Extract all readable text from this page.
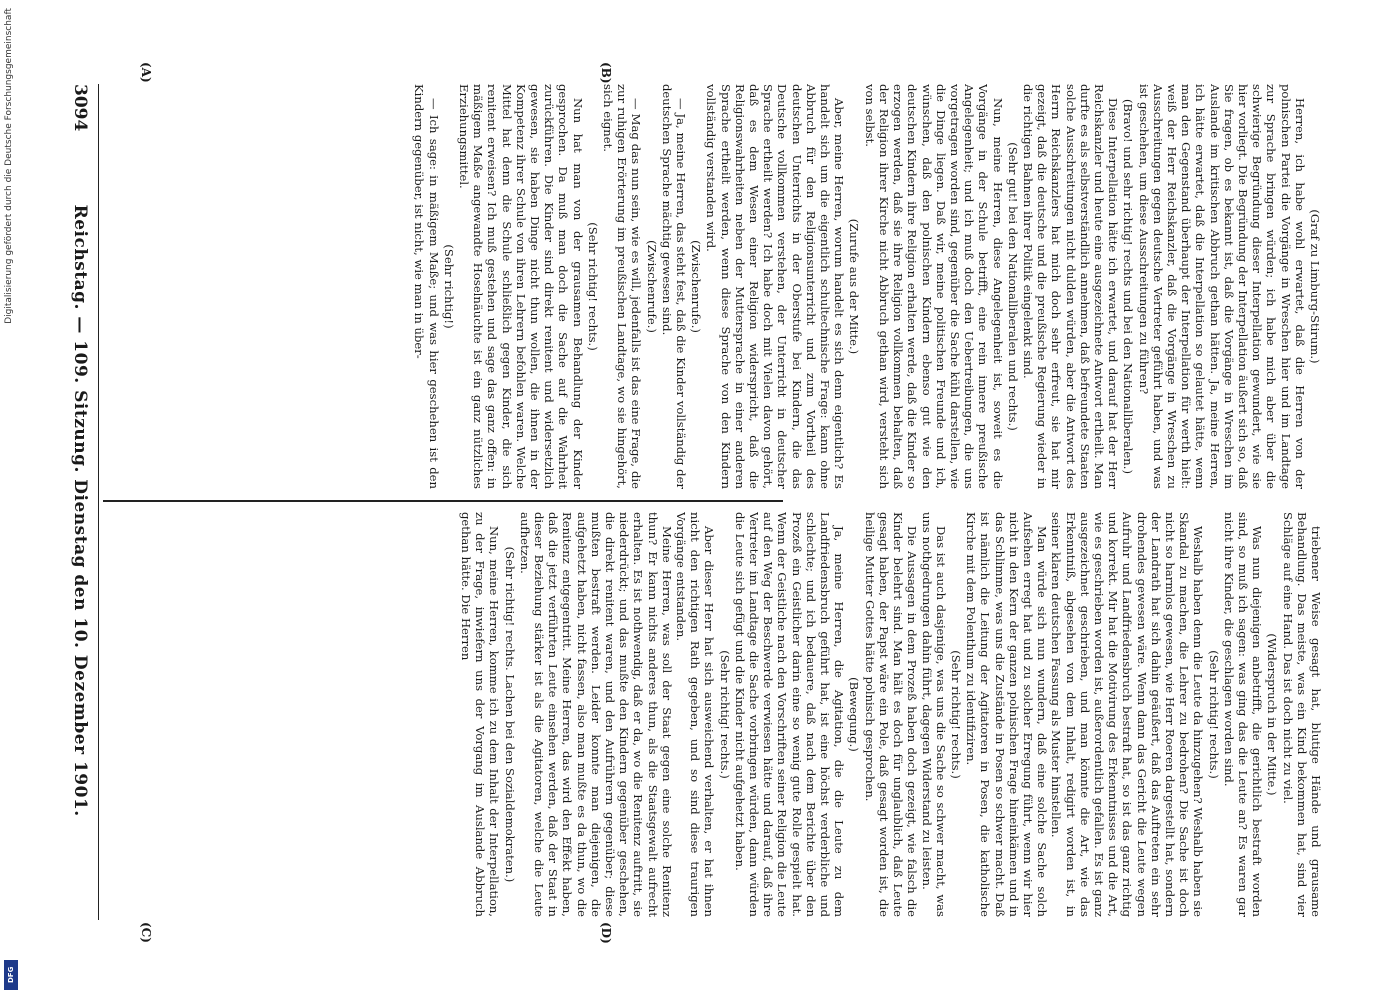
3094
Reichstag. — 109. Sitzung. Dienstag den 10. Dezember 1901.	(Graf zu Limburg-Stirum.)

Herren, ich habe wohl erwartet, daß die Herren von der polnischen Partei die Vorgänge in Wreschen hier und im Landtage zur Sprache bringen würden; ich habe mich aber über die schwierige Begründung dieser Interpellation gewundert, wie sie hier vorliegt. Die Begründung der Interpellation äußert sich so, daß Sie fragen, ob es bekannt ist, daß die Vorgänge in Wreschen im Auslande im kritischen Abbruch gethan hätten. Ja, meine Herren, ich hätte erwartet, daß die Interpellation so gelautet hätte, wenn man den Gegenstand überhaupt der Interpellation für werth hielt: weiß der Herr Reichskanzler, daß die Vorgänge in Wreschen zu Ausschreitungen gegen deutsche Vertreter geführt haben, und was ist geschehen, um diese Ausschreitungen zu führen?

(Bravo! und sehr richtig! rechts und bei den Nationalliberalen.)

Diese Interpellation hätte ich erwartet, und darauf hat der Herr Reichskanzler und heute eine ausgezeichnete Antwort ertheilt. Man durfte es als selbstverständlich annehmen, daß befreundete Staaten solche Ausschreitungen nicht dulden würden, aber die Antwort des Herrn Reichskanzlers hat mich doch sehr erfreut, sie hat mir gezeigt, daß die deutsche und die preußische Regierung wieder in die richtigen Bahnen ihrer Politik eingelenkt sind.

(Sehr gut! bei den Nationalliberalen und rechts.)

Nun, meine Herren, diese Angelegenheit ist, soweit es die Vorgänge in der Schule betrifft, eine rein innere preußische Angelegenheit; und ich muß doch den Uebertreibungen, die uns vorgetragen worden sind, gegenüber die Sache kühl darstellen, wie die Dinge liegen. Daß wir, meine politischen Freunde und ich, wünschen, daß den polnischen Kindern ebenso gut wie den deutschen Kindern ihre Religion erhalten werde, daß die Kinder so erzogen werden, daß sie ihre Religion vollkommen behalten, daß der Religion ihrer Kirche nicht Abbruch gethan wird, versteht sich von selbst.

(Zurufe aus der Mitte.)

Aber, meine Herren, worum handelt es sich denn eigentlich? Es handelt sich um die eigentlich schultechnische Frage: kann ohne Abbruch für den Religionsunterricht und zum Vortheil des deutschen Unterrichts in der Oberstufe bei Kindern, die das Deutsche vollkommen verstehen, der Unterricht in deutscher Sprache ertheilt werden? Ich habe doch mit Vielen davon gehört, daß es dem Wesen einer Religion widerspricht, daß die Religionswahrheiten neben der Muttersprache in einer anderen Sprache ertheilt werden, wenn diese Sprache von den Kindern vollständig verstanden wird.

(Zwischenrufe.)

— Ja, meine Herren, das steht fest, daß die Kinder vollständig der deutschen Sprache mächtig gewesen sind.

(Zwischenrufe.)

— Mag das nun sein, wie es will, jedenfalls ist das eine Frage, die zur ruhigen Erörterung im preußischen Landtage, wo sie hingehört, sich eignet.

(Sehr richtig! rechts.)

Nun hat man von der grausamen Behandlung der Kinder gesprochen. Da muß man doch die Sache auf die Wahrheit zurückführen. Die Kinder sind direkt renitent und widersetzlich gewesen, sie haben Dinge nicht thun wollen, die ihnen in der Kompetenz ihrer Schule von ihren Lehrern befohlen waren. Welche Mittel hat denn die Schule schließlich gegen Kinder, die sich renitent erweisen? Ich muß gestehen und sage das ganz offen: in mäßigem Maße angewandte Hoselnäuchte ist ein ganz nützliches Erziehungsmittel.

(Sehr richtig!)

— Ich sage: in mäßigem Maße; und was hier geschehen ist den Kindern gegenüber, ist nicht, wie man in über-

triebener Weise gesagt hat, blutige Hände und grausame Behandlung. Das meiste, was ein Kind bekommen hat, sind vier Schläge auf eine Hand. Das ist doch nicht zu viel.

(Widerspruch in der Mitte.)

Was nun diejenigen anbetrifft, die gerichtlich bestraft worden sind, so muß ich sagen: was ging das die Leute an? Es waren gar nicht ihre Kinder, die geschlagen worden sind.

(Sehr richtig! rechts.)

Weshalb haben denn die Leute da hinzugehen? Weshalb haben sie Skandal zu machen, die Lehrer zu bedrohen? Die Sache ist doch nicht so harmlos gewesen, wie Herr Roeren dargestellt hat, sondern der Landrath hat sich dahin geäußert, daß das Auftreten ein sehr drohendes gewesen wäre. Wenn dann das Gericht die Leute wegen Aufruhr und Landfriedensbruch bestraft hat, so ist das ganz richtig und korrekt. Mir hat die Motivirung des Erkenntnisses und die Art, wie es geschrieben worden ist, außerordentlich gefallen. Es ist ganz ausgezeichnet geschrieben, und man könnte die Art, wie das Erkenntniß, abgesehen von dem Inhalt, redigirt worden ist, in seiner klaren deutschen Fassung als Muster hinstellen.

Man würde sich nun wundern, daß eine solche Sache solch Aufsehen erregt hat und zu solcher Erregung führt, wenn wir hier nicht in den Kern der ganzen polnischen Frage hineinkämen und in das Schlimme, was uns die Zustände in Posen so schwer macht. Daß ist nämlich die Leitung der Agitatoren in Posen, die katholische Kirche mit dem Polenthum zu identifiziren.

(Sehr richtig! rechts.)

Das ist auch dasjenige, was uns die Sache so schwer macht, was uns nothgedrungen dahin führt, dagegen Widerstand zu leisten.

Die Aussagen in dem Prozeß haben doch gezeigt, wie falsch die Kinder belehrt sind. Man hält es doch für unglaublich, daß Leute gesagt haben, der Papst wäre ein Pole, daß gesagt worden ist, die heilige Mutter Gottes hätte polnisch gesprochen.

(Bewegung.)

Ja, meine Herren, die Agitation, die die Leute zu dem Landfriedensbruch geführt hat, ist eine höchst verderbliche und schlechte; und ich bedauere, daß nach dem Berichte über den Prozeß ein Geistlicher darin eine so wenig gute Rolle gespielt hat. Wenn der Geistliche nach den Vorschriften seiner Religion die Leute auf den Weg der Beschwerde verwiesen hätte und darauf, daß ihre Vertreter im Landtage die Sache vorbringen würden, dann würden die Leute sich gefügt und die Kinder nicht aufgehetzt haben.

(Sehr richtig! rechts.)

Aber dieser Herr hat sich ausweichend verhalten, er hat ihnen nicht den richtigen Rath gegeben, und so sind diese traurigen Vorgänge entstanden.

Meine Herren, was soll der Staat gegen eine solche Renitenz thun? Er kann nichts anderes thun, als die Staatsgewalt aufrecht erhalten. Es ist nothwendig, daß er da, wo die Renitenz auftritt, sie niederdrückt; und das mußte den Kindern gegenüber geschehen, die direkt renitent waren, und den Aufrührern gegenüber; diese mußten bestraft werden. Leider konnte man diejenigen, die aufgehetzt haben, nicht fassen, also man mußte es da thun, wo die Renitenz entgegentritt. Meine Herren, das wird den Effekt haben, daß die jetzt verführten Leute einsehen werden, daß der Staat in dieser Beziehung stärker ist als die Agitatoren, welche die Leute aufhetzen.

(Sehr richtig! rechts. Lachen bei den Sozialdemokraten.)

Nun, meine Herren, komme ich zu dem Inhalt der Interpellation, zu der Frage, inwiefern uns der Vorgang im Auslande Abbruch gethan hätte. Die Herren

(A)	(B)
(C)	(D)
Digitalisierung gefördert durch die Deutsche Forschungsgemeinschaft
DFG
